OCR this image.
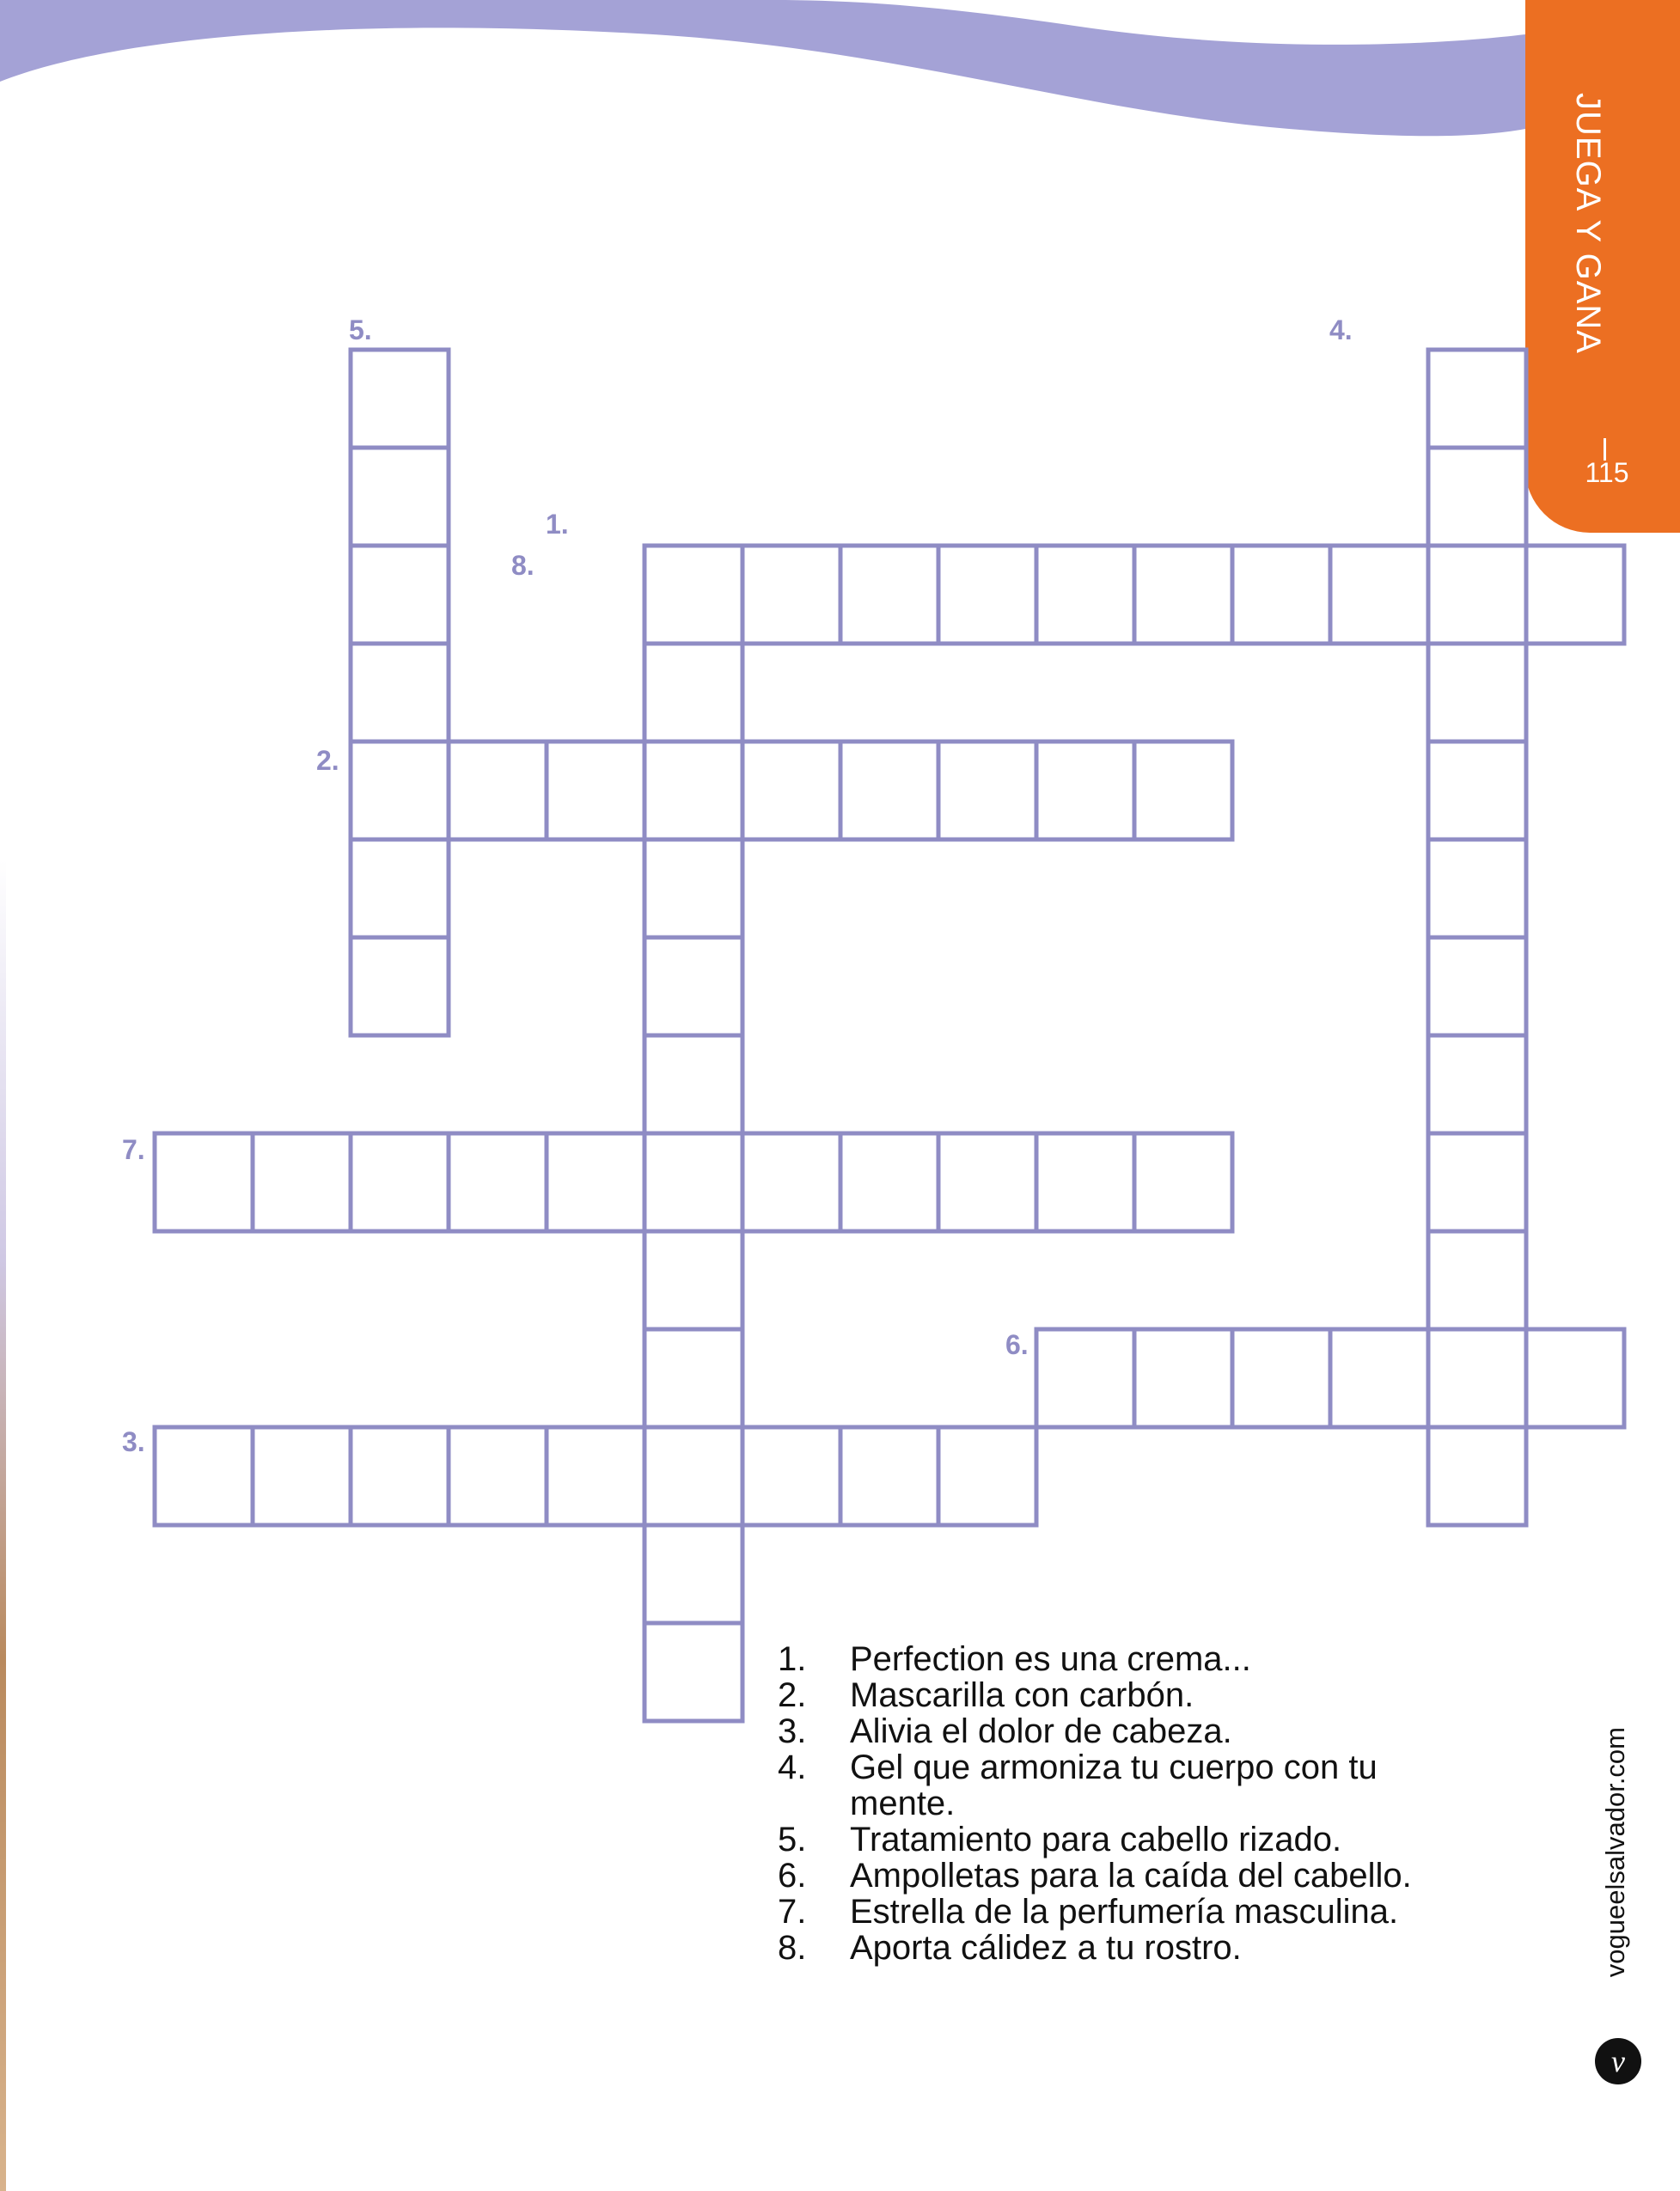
JUEGA Y GANA
115
1.
2.
3.
4.
5.
6.
7.
8.
1. Perfection es una crema...
2. Mascarilla con carbón.
3. Alivia el dolor de cabeza.
4. Gel que armoniza tu cuerpo con tu mente.
5. Tratamiento para cabello rizado.
6. Ampolletas para la caída del cabello.
7. Estrella de la perfumería masculina.
8. Aporta cálidez a tu rostro.	vogueelsalvador.com
v
